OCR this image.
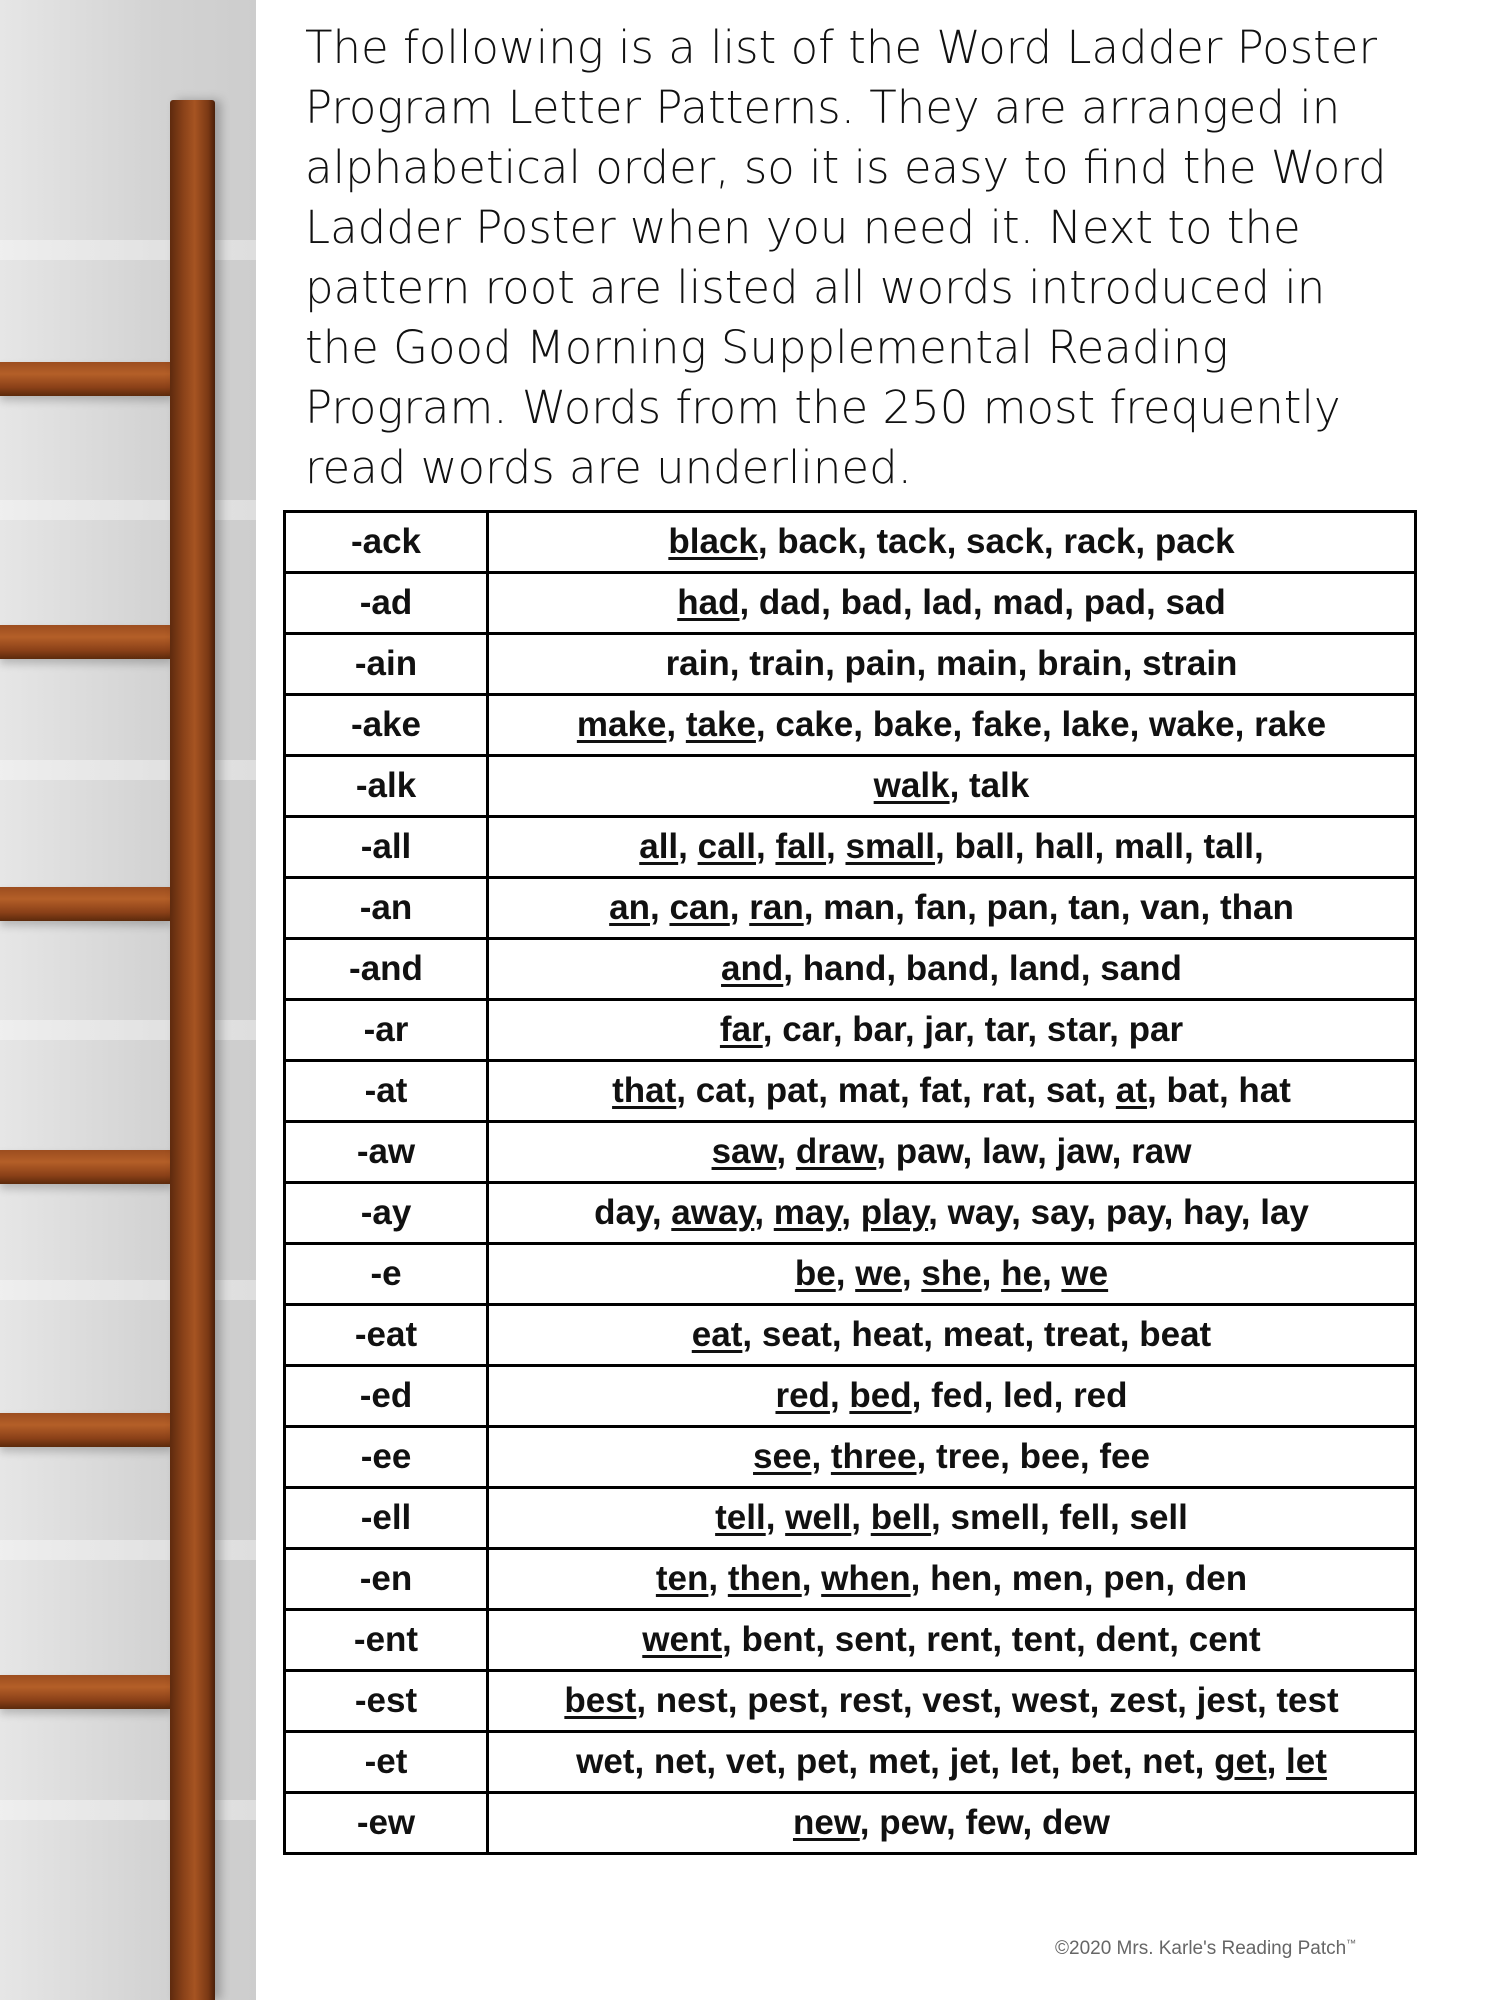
The following is a list of the Word Ladder Poster
Program Letter Patterns. They are arranged in
alphabetical order, so it is easy to find the Word
Ladder Poster when you need it. Next to the
pattern root are listed all words introduced in
the Good Morning Supplemental Reading
Program. Words from the 250 most frequently
read words are underlined.

-ack	black, back, tack, sack, rack, pack
-ad	had, dad, bad, lad, mad, pad, sad
-ain	rain, train, pain, main, brain, strain
-ake	make, take, cake, bake, fake, lake, wake, rake
-alk	walk, talk
-all	all, call, fall, small, ball, hall, mall, tall,
-an	an, can, ran, man, fan, pan, tan, van, than
-and	and, hand, band, land, sand
-ar	far, car, bar, jar, tar, star, par
-at	that, cat, pat, mat, fat, rat, sat, at, bat, hat
-aw	saw, draw, paw, law, jaw, raw
-ay	day, away, may, play, way, say, pay, hay, lay
-e	be, we, she, he, we
-eat	eat, seat, heat, meat, treat, beat
-ed	red, bed, fed, led, red
-ee	see, three, tree, bee, fee
-ell	tell, well, bell, smell, fell, sell
-en	ten, then, when, hen, men, pen, den
-ent	went, bent, sent, rent, tent, dent, cent
-est	best, nest, pest, rest, vest, west, zest, jest, test
-et	wet, net, vet, pet, met, jet, let, bet, net, get, let
-ew	new, pew, few, dew
©2020 Mrs. Karle's Reading Patch™
